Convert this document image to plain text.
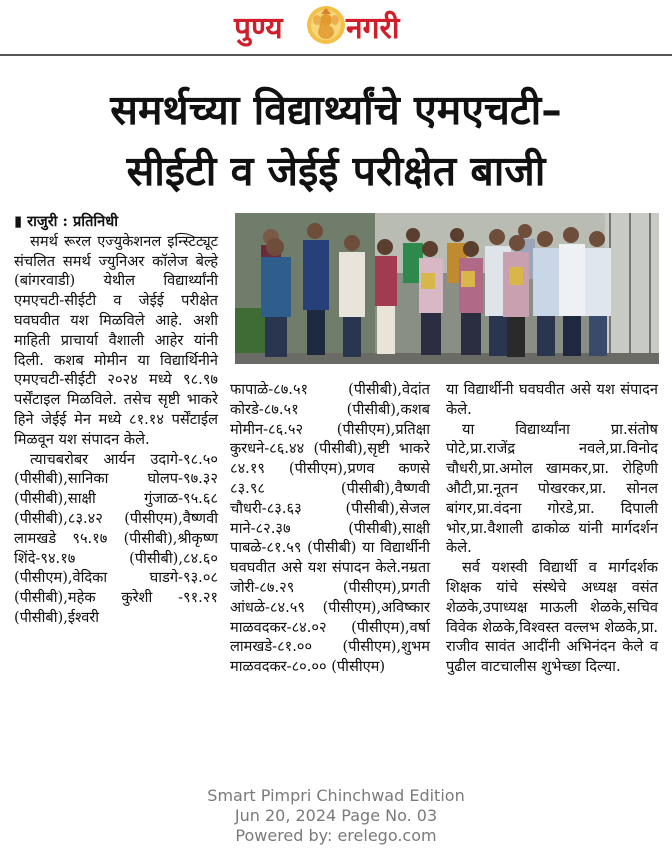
पुण्य नगरी
समर्थच्या विद्यार्थ्यांचे एमएचटी–
सीईटी व जेईई परीक्षेत बाजी

▮ राजुरी : प्रतिनिधी

समर्थ रूरल एज्युकेशनल इन्स्टिट्यूट संचलित समर्थ ज्युनिअर कॉलेज बेल्हे (बांगरवाडी) येथील विद्यार्थ्यांनी एमएचटी-सीईटी व जेईई परीक्षेत घवघवीत यश मिळविले आहे. अशी माहिती प्राचार्या वैशाली आहेर यांनी दिली. कशब मोमीन या विद्यार्थिनीने एमएचटी-सीईटी २०२४ मध्ये ९८.९७ पर्सेंटाइल मिळविले. तसेच सृष्टी भाकरे हिने जेईई मेन मध्ये ८१.१४ पर्सेंटाईल मिळवून यश संपादन केले.

त्याचबरोबर आर्यन उदागे-९८.५० (पीसीबी),सानिका घोलप-९७.३२ (पीसीबी),साक्षी गुंजाळ-९५.६८ (पीसीबी),८३.४२ (पीसीएम),वैष्णवी लामखडे ९५.१७ (पीसीबी),श्रीकृष्ण शिंदे-९४.१७ (पीसीबी),८४.६० (पीसीएम),वेदिका घाडगे-९३.०८ (पीसीबी),महेक कुरेशी -९१.२१ (पीसीबी),ईश्वरी

फापाळे-८७.५१ (पीसीबी),वेदांत कोरडे-८७.५१ (पीसीबी),कशब मोमीन-८६.५२ (पीसीएम),प्रतिक्षा कुरधने-८६.४४ (पीसीबी),सृष्टी भाकरे ८४.१९ (पीसीएम),प्रणव कणसे ८३.९८ (पीसीबी),वैष्णवी चौधरी-८३.६३ (पीसीबी),सेजल माने-८२.३७ (पीसीबी),साक्षी पाबळे-८१.५९ (पीसीबी) या विद्यार्थीनी घवघवीत असे यश संपादन केले.नम्रता जोरी-८७.२९ (पीसीएम),प्रगती आंधळे-८४.५९ (पीसीएम),अविष्कार माळवदकर-८४.०२ (पीसीएम),वर्षा लामखडे-८१.०० (पीसीएम),शुभम माळवदकर-८०.०० (पीसीएम)

या विद्यार्थीनी घवघवीत असे यश संपादन केले.

या विद्यार्थ्यांना प्रा.संतोष पोटे,प्रा.राजेंद्र नवले,प्रा.विनोद चौधरी,प्रा.अमोल खामकर,प्रा. रोहिणी औटी,प्रा.नूतन पोखरकर,प्रा. सोनल बांगर,प्रा.वंदना गोरडे,प्रा. दिपाली भोर,प्रा.वैशाली ढाकोळ यांनी मार्गदर्शन केले.

सर्व यशस्वी विद्यार्थी व मार्गदर्शक शिक्षक यांचे संस्थेचे अध्यक्ष वसंत शेळके,उपाध्यक्ष माऊली शेळके,सचिव विवेक शेळके,विश्वस्त वल्लभ शेळके,प्रा. राजीव सावंत आदींनी अभिनंदन केले व पुढील वाटचालीस शुभेच्छा दिल्या.

Smart Pimpri Chinchwad Edition
Jun 20, 2024 Page No. 03
Powered by: erelego.com
